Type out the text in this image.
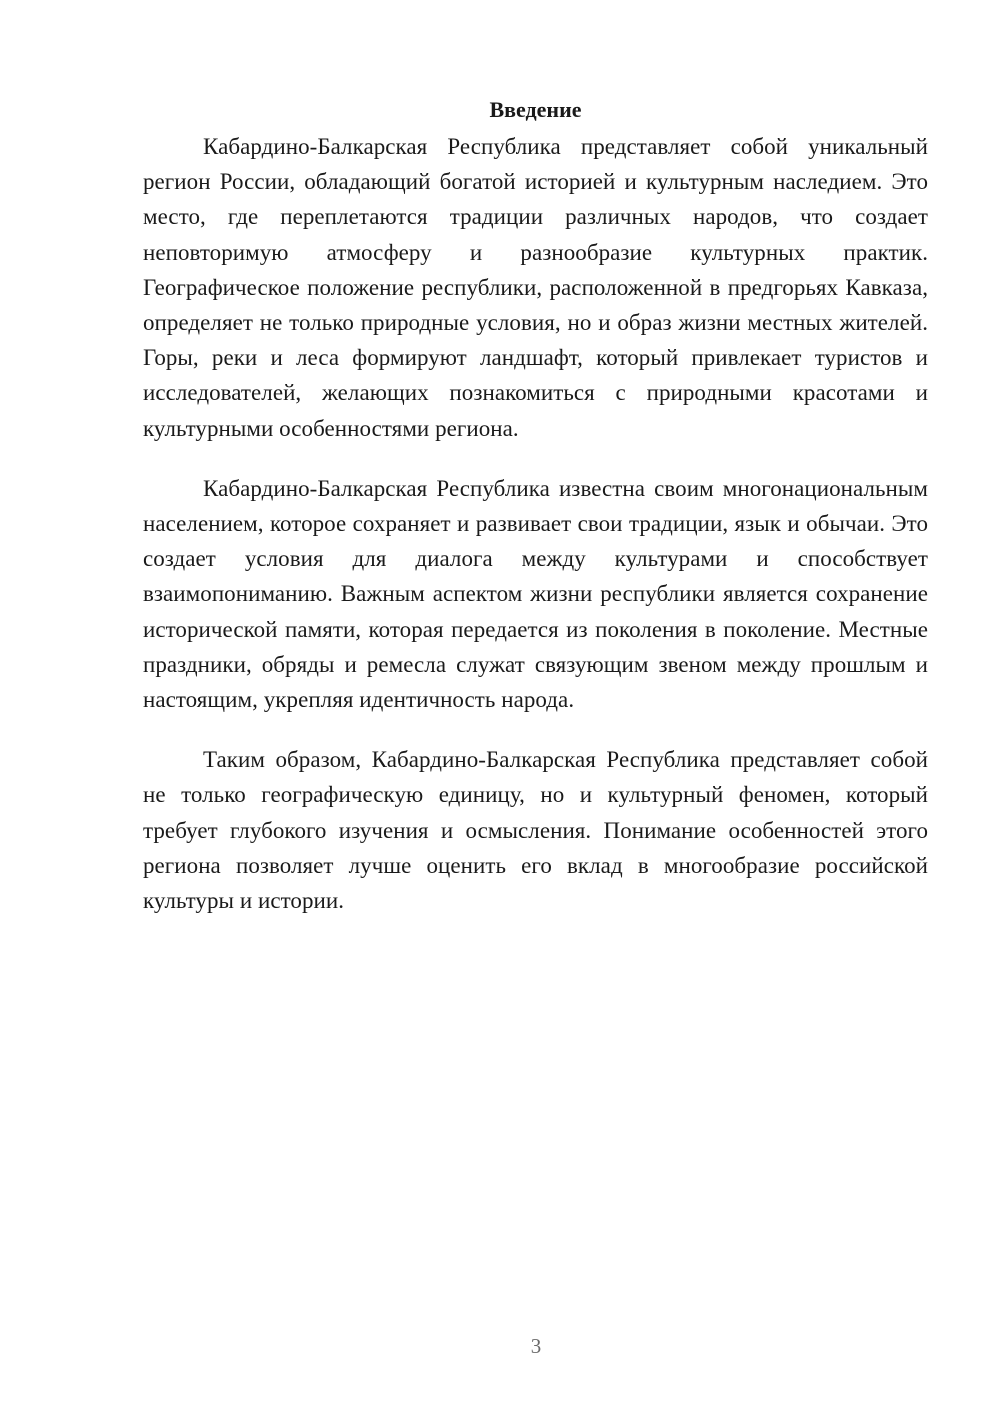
Введение

Кабардино-Балкарская Республика представляет собой уникальный регион России, обладающий богатой историей и культурным наследием. Это место, где переплетаются традиции различных народов, что создает неповторимую атмосферу и разнообразие культурных практик. Географическое положение республики, расположенной в предгорьях Кавказа, определяет не только природные условия, но и образ жизни местных жителей. Горы, реки и леса формируют ландшафт, который привлекает туристов и исследователей, желающих познакомиться с природными красотами и культурными особенностями региона.

Кабардино-Балкарская Республика известна своим многонациональным населением, которое сохраняет и развивает свои традиции, язык и обычаи. Это создает условия для диалога между культурами и способствует взаимопониманию. Важным аспектом жизни республики является сохранение исторической памяти, которая передается из поколения в поколение. Местные праздники, обряды и ремесла служат связующим звеном между прошлым и настоящим, укрепляя идентичность народа.

Таким образом, Кабардино-Балкарская Республика представляет собой не только географическую единицу, но и культурный феномен, который требует глубокого изучения и осмысления. Понимание особенностей этого региона позволяет лучше оценить его вклад в многообразие российской культуры и истории.

3
